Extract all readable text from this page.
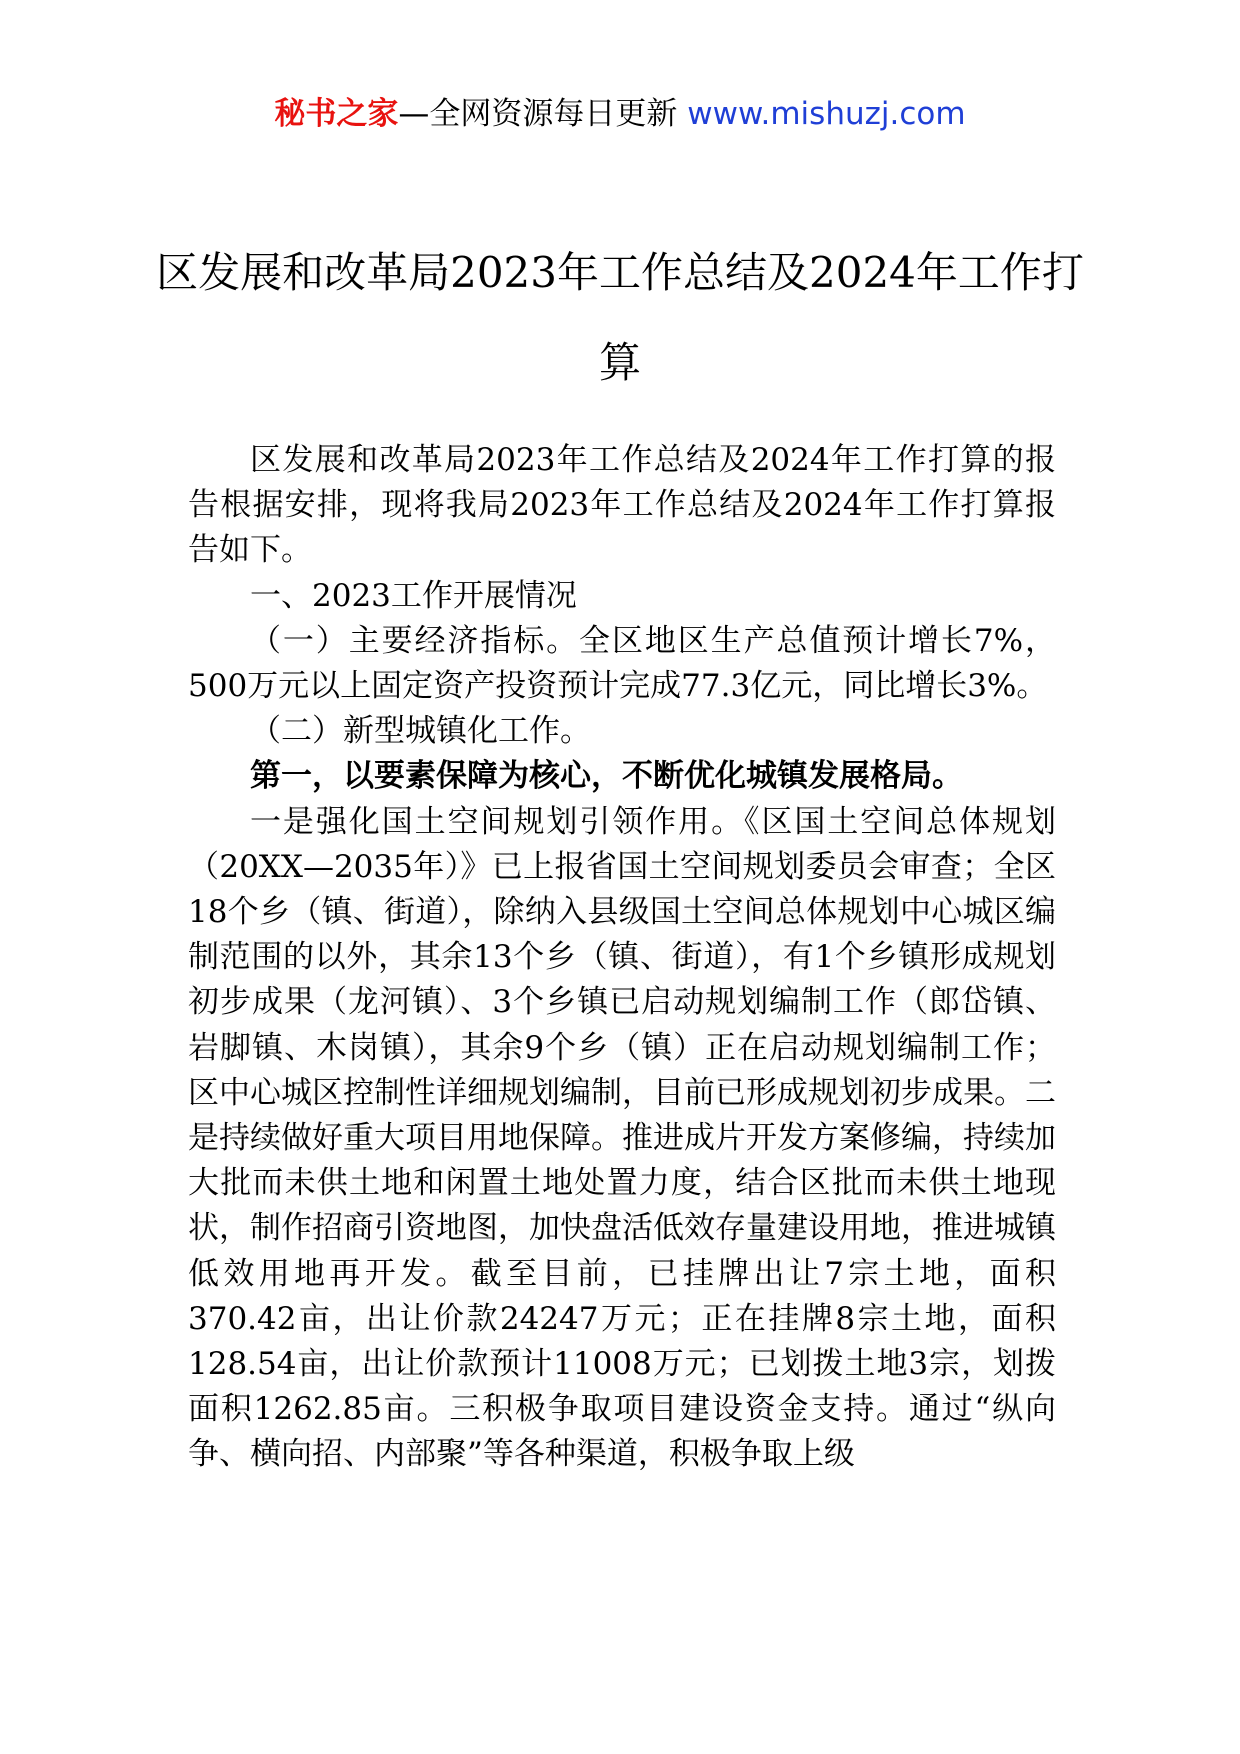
秘书之家—全网资源每日更新 www.mishuzj.com
区发展和改革局2023年工作总结及2024年工作打算

区发展和改革局2023年工作总结及2024年工作打算的报告根据安排，现将我局2023年工作总结及2024年工作打算报告如下。

一、2023工作开展情况

（一）主要经济指标。全区地区生产总值预计增长7%，500万元以上固定资产投资预计完成77.3亿元，同比增长3%。

（二）新型城镇化工作。

第一，以要素保障为核心，不断优化城镇发展格局。

一是强化国土空间规划引领作用。《区国土空间总体规划（20XX—2035年）》已上报省国土空间规划委员会审查；全区18个乡（镇、街道），除纳入县级国土空间总体规划中心城区编制范围的以外，其余13个乡（镇、街道），有1个乡镇形成规划初步成果（龙河镇）、3个乡镇已启动规划编制工作（郎岱镇、岩脚镇、木岗镇），其余9个乡（镇）正在启动规划编制工作；区中心城区控制性详细规划编制，目前已形成规划初步成果。二是持续做好重大项目用地保障。推进成片开发方案修编，持续加大批而未供土地和闲置土地处置力度，结合区批而未供土地现状，制作招商引资地图，加快盘活低效存量建设用地，推进城镇低效用地再开发。截至目前，已挂牌出让7宗土地，面积370.42亩，出让价款24247万元；正在挂牌8宗土地，面积128.54亩，出让价款预计11008万元；已划拨土地3宗，划拨面积1262.85亩。三积极争取项目建设资金支持。通过“纵向争、横向招、内部聚”等各种渠道，积极争取上级
